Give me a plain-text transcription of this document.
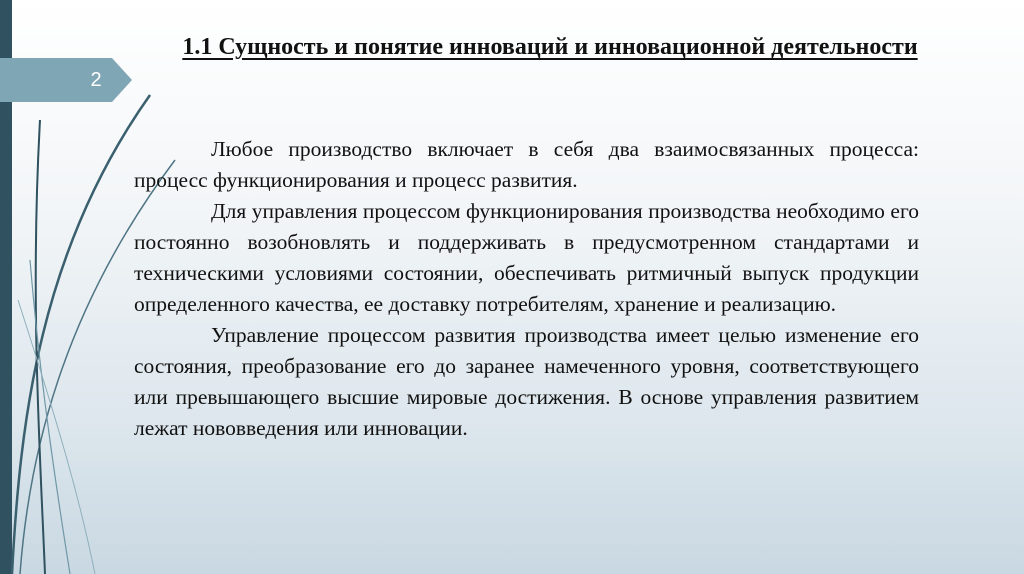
2
1.1 Сущность и понятие инноваций и инновационной деятельности

Любое производство включает в себя два взаимосвязанных процесса: процесс функционирования и процесс развития.

Для управления процессом функционирования производства необходимо его постоянно возобновлять и поддерживать в предусмотренном стандартами и техническими условиями состоянии, обеспечивать ритмичный выпуск продукции определенного качества, ее доставку потребителям, хранение и реализацию.

Управление процессом развития производства имеет целью изменение его состояния, преобразование его до заранее намеченного уровня, соответствующего или превышающего высшие мировые достижения. В основе управления развитием лежат нововведения или инновации.
